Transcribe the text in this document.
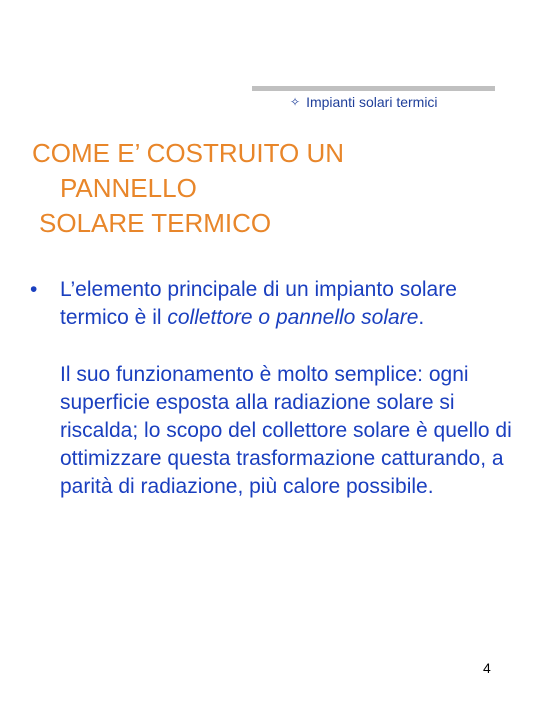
✧ Impianti solari termici
COME E’ COSTRUITO UN
PANNELLO
SOLARE TERMICO
• L’elemento principale di un impianto solare termico è il collettore o pannello solare.
Il suo funzionamento è molto semplice: ogni superficie esposta alla radiazione solare si riscalda; lo scopo del collettore solare è quello di ottimizzare questa trasformazione catturando, a parità di radiazione, più calore possibile.
4
